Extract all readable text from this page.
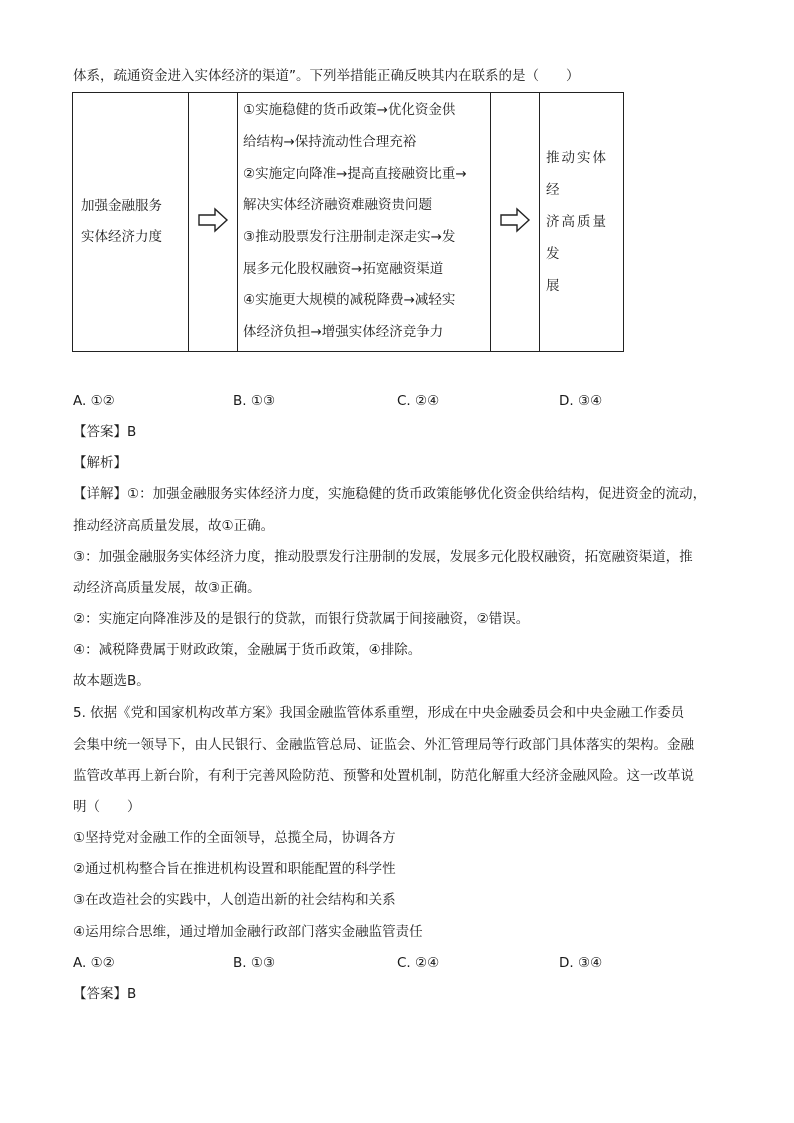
体系，疏通资金进入实体经济的渠道”。下列举措能正确反映其内在联系的是（　　）
加强金融服务
实体经济力度

①实施稳健的货币政策→优化资金供
给结构→保持流动性合理充裕
②实施定向降准→提高直接融资比重→
解决实体经济融资难融资贵问题
③推动股票发行注册制走深走实→发
展多元化股权融资→拓宽融资渠道
④实施更大规模的减税降费→减轻实
体经济负担→增强实体经济竞争力

推动实体经
济高质量发
展
A. ①②	B. ①③	C. ②④	D. ③④
【答案】B
【解析】
【详解】①：加强金融服务实体经济力度，实施稳健的货币政策能够优化资金供给结构，促进资金的流动，
推动经济高质量发展，故①正确。
③：加强金融服务实体经济力度，推动股票发行注册制的发展，发展多元化股权融资，拓宽融资渠道，推
动经济高质量发展，故③正确。
②：实施定向降准涉及的是银行的贷款，而银行贷款属于间接融资，②错误。
④：减税降费属于财政政策，金融属于货币政策，④排除。
故本题选B。
5. 依据《党和国家机构改革方案》我国金融监管体系重塑，形成在中央金融委员会和中央金融工作委员
会集中统一领导下，由人民银行、金融监管总局、证监会、外汇管理局等行政部门具体落实的架构。金融
监管改革再上新台阶，有利于完善风险防范、预警和处置机制，防范化解重大经济金融风险。这一改革说
明（　　）
①坚持党对金融工作的全面领导，总揽全局，协调各方
②通过机构整合旨在推进机构设置和职能配置的科学性
③在改造社会的实践中，人创造出新的社会结构和关系
④运用综合思维，通过增加金融行政部门落实金融监管责任
A. ①②	B. ①③	C. ②④	D. ③④
【答案】B
